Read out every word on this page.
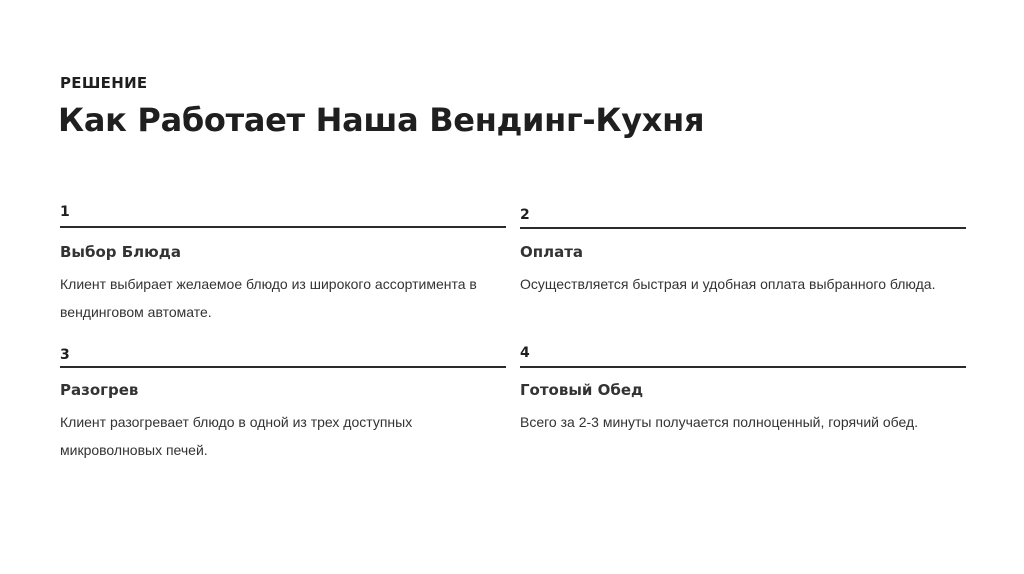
РЕШЕНИЕ
Как Работает Наша Вендинг-Кухня
1
Выбор Блюда
Клиент выбирает желаемое блюдо из широкого ассортимента в вендинговом автомате.
2
Оплата
Осуществляется быстрая и удобная оплата выбранного блюда.
3
Разогрев
Клиент разогревает блюдо в одной из трех доступных микроволновых печей.
4
Готовый Обед
Всего за 2-3 минуты получается полноценный, горячий обед.
